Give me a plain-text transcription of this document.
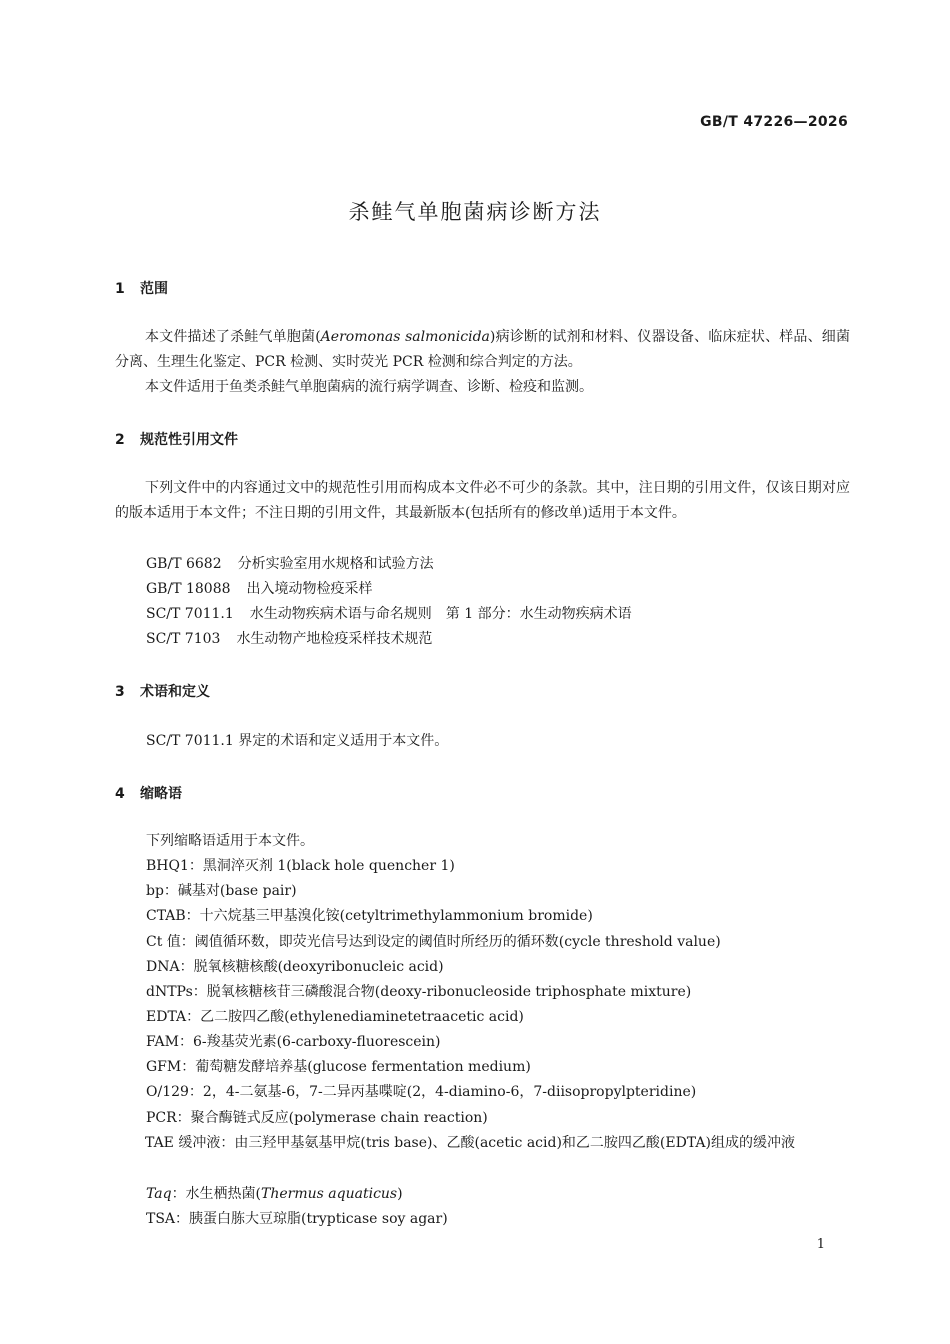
GB/T 47226—2026
杀鲑气单胞菌病诊断方法
1 范围

本文件描述了杀鲑气单胞菌(Aeromonas salmonicida)病诊断的试剂和材料、仪器设备、临床症状、样品、细菌分离、生理生化鉴定、PCR 检测、实时荧光 PCR 检测和综合判定的方法。

本文件适用于鱼类杀鲑气单胞菌病的流行病学调查、诊断、检疫和监测。

2 规范性引用文件

下列文件中的内容通过文中的规范性引用而构成本文件必不可少的条款。其中，注日期的引用文件，仅该日期对应的版本适用于本文件；不注日期的引用文件，其最新版本(包括所有的修改单)适用于本文件。

GB/T 6682 分析实验室用水规格和试验方法
GB/T 18088 出入境动物检疫采样
SC/T 7011.1 水生动物疾病术语与命名规则　第 1 部分：水生动物疾病术语
SC/T 7103 水生动物产地检疫采样技术规范
3 术语和定义
SC/T 7011.1 界定的术语和定义适用于本文件。
4 缩略语
下列缩略语适用于本文件。
BHQ1：黑洞淬灭剂 1(black hole quencher 1)
bp：碱基对(base pair)
CTAB：十六烷基三甲基溴化铵(cetyltrimethylammonium bromide)
Ct 值：阈值循环数，即荧光信号达到设定的阈值时所经历的循环数(cycle threshold value)
DNA：脱氧核糖核酸(deoxyribonucleic acid)
dNTPs：脱氧核糖核苷三磷酸混合物(deoxy-ribonucleoside triphosphate mixture)
EDTA：乙二胺四乙酸(ethylenediaminetetraacetic acid)
FAM：6-羧基荧光素(6-carboxy-fluorescein)
GFM：葡萄糖发酵培养基(glucose fermentation medium)
O/129：2，4-二氨基-6，7-二异丙基喋啶(2，4-diamino-6，7-diisopropylpteridine)
PCR：聚合酶链式反应(polymerase chain reaction)

TAE 缓冲液：由三羟甲基氨基甲烷(tris base)、乙酸(acetic acid)和乙二胺四乙酸(EDTA)组成的缓冲液

Taq：水生栖热菌(Thermus aquaticus)
TSA：胰蛋白胨大豆琼脂(trypticase soy agar)
1
